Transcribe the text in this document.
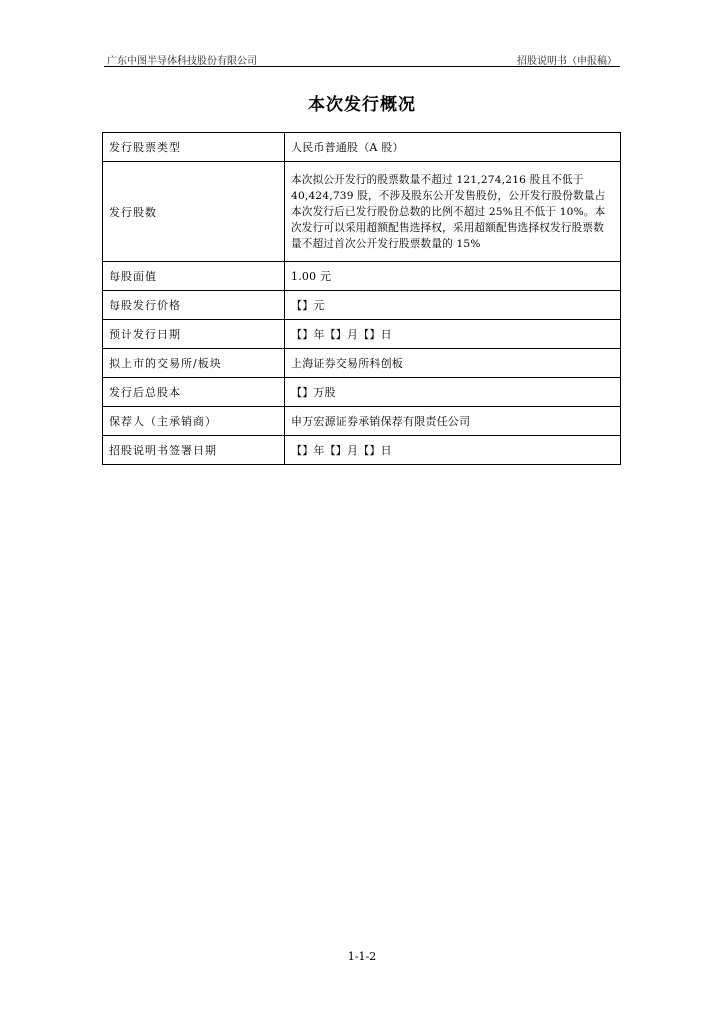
广东中图半导体科技股份有限公司	招股说明书（申报稿）
本次发行概况
发行股票类型	人民币普通股（A 股）
发行股数	本次拟公开发行的股票数量不超过 121,274,216 股且不低于 40,424,739 股，不涉及股东公开发售股份，公开发行股份数量占本次发行后已发行股份总数的比例不超过 25%且不低于 10%。本次发行可以采用超额配售选择权，采用超额配售选择权发行股票数量不超过首次公开发行股票数量的 15%
每股面值	1.00 元
每股发行价格	【】元
预计发行日期	【】年【】月【】日
拟上市的交易所/板块	上海证券交易所科创板
发行后总股本	【】万股
保荐人（主承销商）	申万宏源证券承销保荐有限责任公司
招股说明书签署日期	【】年【】月【】日
1-1-2
